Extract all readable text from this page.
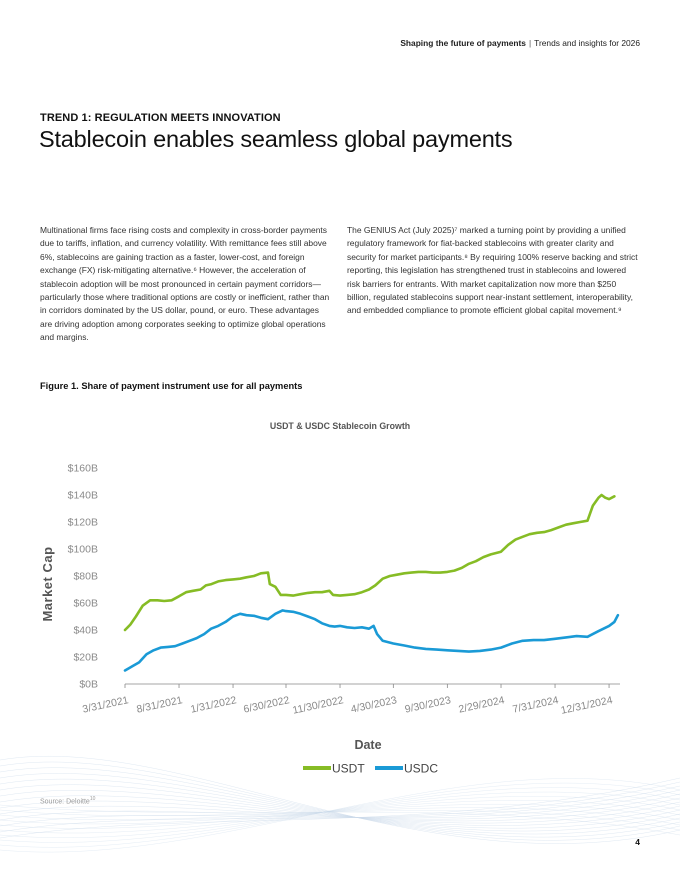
Shaping the future of payments | Trends and insights for 2026
TREND 1: REGULATION MEETS INNOVATION
Stablecoin enables seamless global payments

Multinational firms face rising costs and complexity in cross-border payments due to tariffs, inflation, and currency volatility. With remittance fees still above 6%, stablecoins are gaining traction as a faster, lower-cost, and foreign exchange (FX) risk-mitigating alternative.⁶ However, the acceleration of stablecoin adoption will be most pronounced in certain payment corridors—particularly those where traditional options are costly or inefficient, rather than in corridors dominated by the US dollar, pound, or euro. These advantages are driving adoption among corporates seeking to optimize global operations and margins.

The GENIUS Act (July 2025)⁷ marked a turning point by providing a unified regulatory framework for fiat-backed stablecoins with greater clarity and security for market participants.⁸ By requiring 100% reserve backing and strict reporting, this legislation has strengthened trust in stablecoins and lowered risk barriers for entrants. With market capitalization now more than $250 billion, regulated stablecoins support near-instant settlement, interoperability, and embedded compliance to promote efficient global capital movement.⁹

Figure 1. Share of payment instrument use for all payments
USDT & USDC Stablecoin Growth
$0B
$20B
$40B
$60B
$80B
$100B
$120B
$140B
$160B
3/31/2021 8/31/2021 1/31/2022 6/30/2022 11/30/2022 4/30/2023 9/30/2023 2/29/2024 7/31/2024 12/31/2024
Market Cap
Date
USDT	USDC
Source: Deloitte$^{10}$
4
